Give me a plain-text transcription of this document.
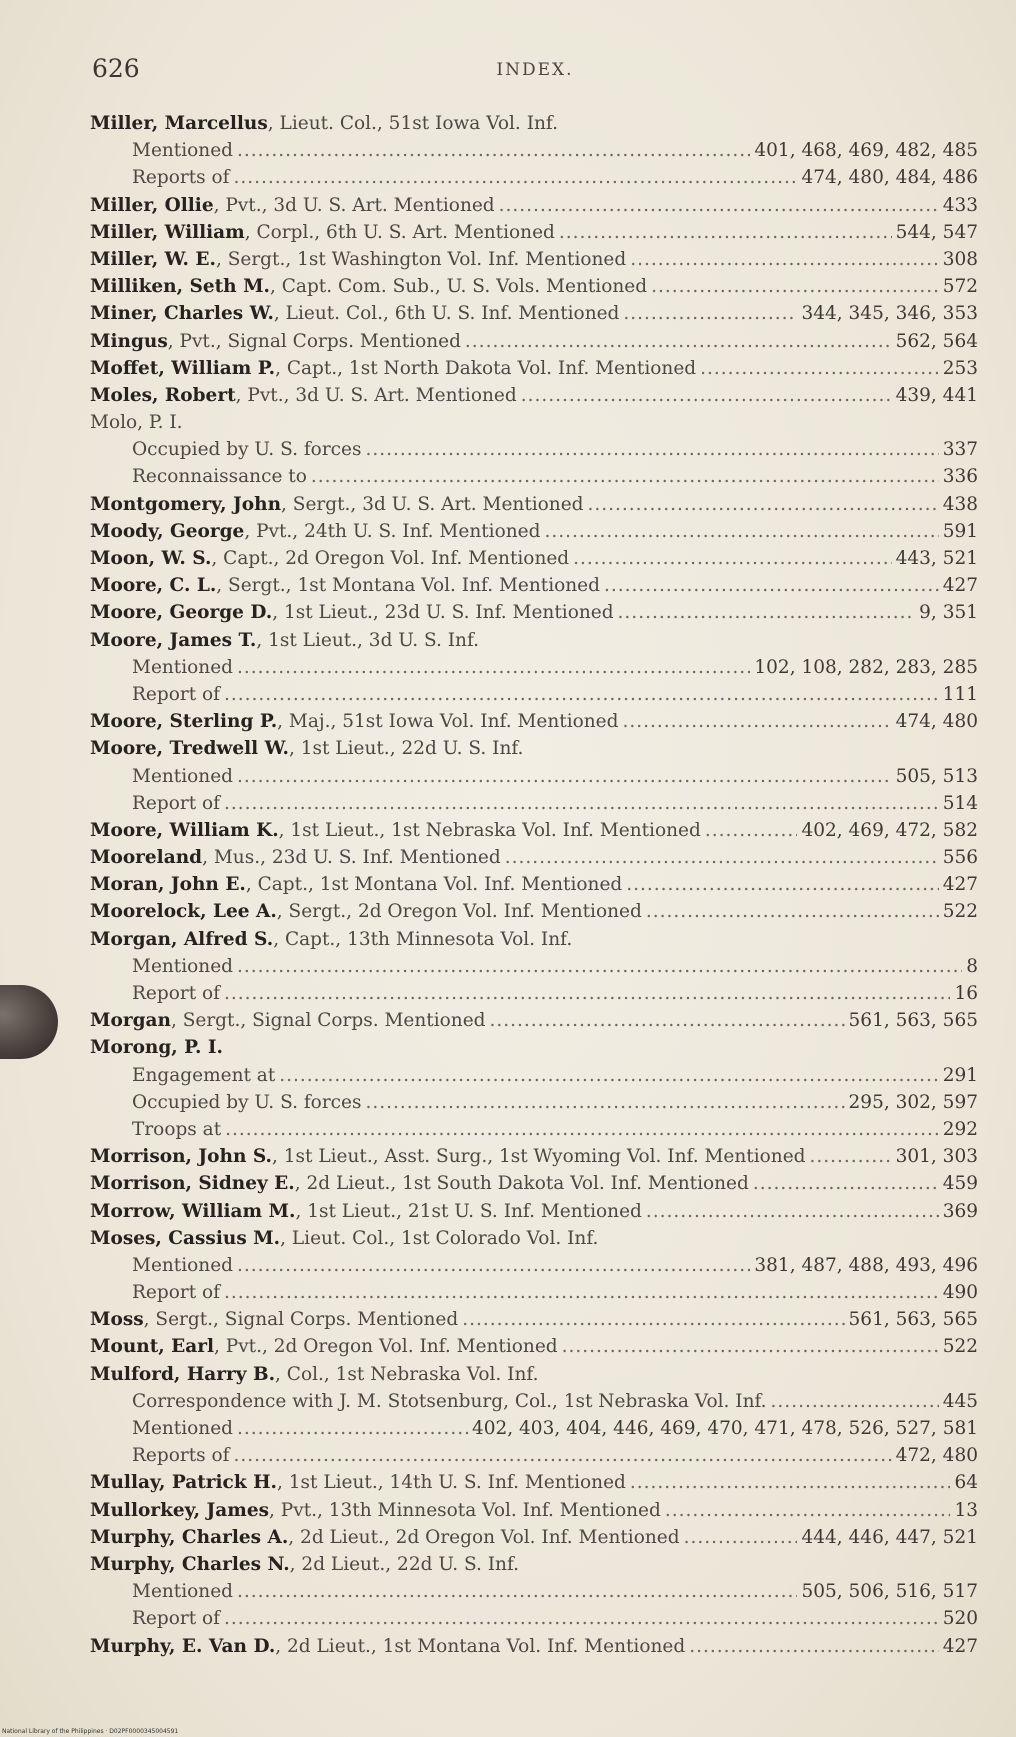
626	INDEX.
Miller, Marcellus, Lieut. Col., 51st Iowa Vol. Inf.
Mentioned .....	401, 468, 469, 482, 485
Reports of .....	474, 480, 484, 486
Miller, Ollie, Pvt., 3d U. S. Art. Mentioned .....	433
Miller, William, Corpl., 6th U. S. Art. Mentioned .....	544, 547
Miller, W. E., Sergt., 1st Washington Vol. Inf. Mentioned .....	308
Milliken, Seth M., Capt. Com. Sub., U. S. Vols. Mentioned .....	572
Miner, Charles W., Lieut. Col., 6th U. S. Inf. Mentioned .....	344, 345, 346, 353
Mingus, Pvt., Signal Corps. Mentioned .....	562, 564
Moffet, William P., Capt., 1st North Dakota Vol. Inf. Mentioned .....	253
Moles, Robert, Pvt., 3d U. S. Art. Mentioned .....	439, 441
Molo, P. I.
Occupied by U. S. forces .....	337
Reconnaissance to .....	336
Montgomery, John, Sergt., 3d U. S. Art. Mentioned .....	438
Moody, George, Pvt., 24th U. S. Inf. Mentioned .....	591
Moon, W. S., Capt., 2d Oregon Vol. Inf. Mentioned .....	443, 521
Moore, C. L., Sergt., 1st Montana Vol. Inf. Mentioned .....	427
Moore, George D., 1st Lieut., 23d U. S. Inf. Mentioned .....	9, 351
Moore, James T., 1st Lieut., 3d U. S. Inf.
Mentioned .....	102, 108, 282, 283, 285
Report of .....	111
Moore, Sterling P., Maj., 51st Iowa Vol. Inf. Mentioned .....	474, 480
Moore, Tredwell W., 1st Lieut., 22d U. S. Inf.
Mentioned .....	505, 513
Report of .....	514
Moore, William K., 1st Lieut., 1st Nebraska Vol. Inf. Mentioned .....	402, 469, 472, 582
Mooreland, Mus., 23d U. S. Inf. Mentioned .....	556
Moran, John E., Capt., 1st Montana Vol. Inf. Mentioned .....	427
Moorelock, Lee A., Sergt., 2d Oregon Vol. Inf. Mentioned .....	522
Morgan, Alfred S., Capt., 13th Minnesota Vol. Inf.
Mentioned .....	8
Report of .....	16
Morgan, Sergt., Signal Corps. Mentioned .....	561, 563, 565
Morong, P. I.
Engagement at .....	291
Occupied by U. S. forces .....	295, 302, 597
Troops at .....	292
Morrison, John S., 1st Lieut., Asst. Surg., 1st Wyoming Vol. Inf. Mentioned .....	301, 303
Morrison, Sidney E., 2d Lieut., 1st South Dakota Vol. Inf. Mentioned .....	459
Morrow, William M., 1st Lieut., 21st U. S. Inf. Mentioned .....	369
Moses, Cassius M., Lieut. Col., 1st Colorado Vol. Inf.
Mentioned .....	381, 487, 488, 493, 496
Report of .....	490
Moss, Sergt., Signal Corps. Mentioned .....	561, 563, 565
Mount, Earl, Pvt., 2d Oregon Vol. Inf. Mentioned .....	522
Mulford, Harry B., Col., 1st Nebraska Vol. Inf.
Correspondence with J. M. Stotsenburg, Col., 1st Nebraska Vol. Inf. .....	445
Mentioned .....	402, 403, 404, 446, 469, 470, 471, 478, 526, 527, 581
Reports of .....	472, 480
Mullay, Patrick H., 1st Lieut., 14th U. S. Inf. Mentioned .....	64
Mullorkey, James, Pvt., 13th Minnesota Vol. Inf. Mentioned .....	13
Murphy, Charles A., 2d Lieut., 2d Oregon Vol. Inf. Mentioned .....	444, 446, 447, 521
Murphy, Charles N., 2d Lieut., 22d U. S. Inf.
Mentioned .....	505, 506, 516, 517
Report of .....	520
Murphy, E. Van D., 2d Lieut., 1st Montana Vol. Inf. Mentioned .....	427
National Library of the Philippines · D02PF0000345004591
